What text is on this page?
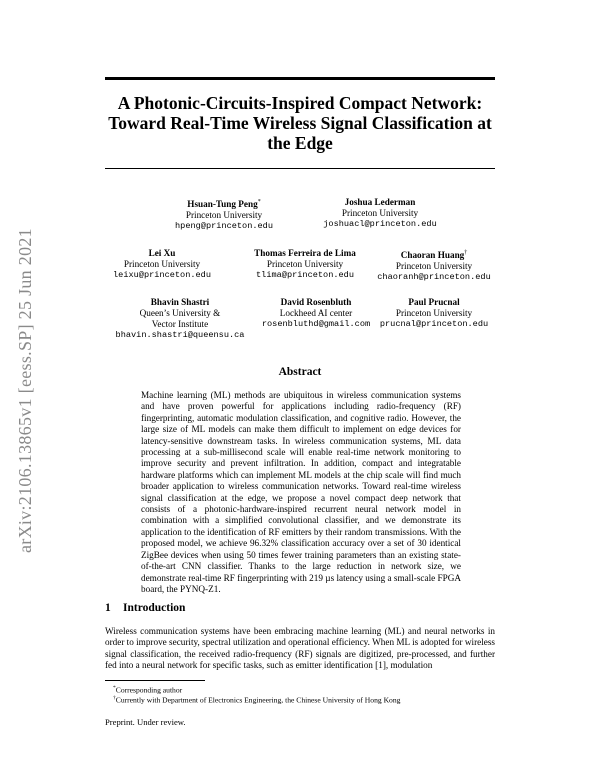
arXiv:2106.13865v1 [eess.SP] 25 Jun 2021
A Photonic-Circuits-Inspired Compact Network: Toward Real-Time Wireless Signal Classification at the Edge
Hsuan-Tung Peng*
Princeton University
hpeng@princeton.edu
Joshua Lederman
Princeton University
joshuacl@princeton.edu
Lei Xu
Princeton University
leixu@princeton.edu
Thomas Ferreira de Lima
Princeton University
tlima@princeton.edu
Chaoran Huang†
Princeton University
chaoranh@princeton.edu
Bhavin Shastri
Queen’s University &
Vector Institute
bhavin.shastri@queensu.ca
David Rosenbluth
Lockheed AI center
rosenbluthd@gmail.com
Paul Prucnal
Princeton University
prucnal@princeton.edu
Abstract
Machine learning (ML) methods are ubiquitous in wireless communication systems and have proven powerful for applications including radio-frequency (RF) fingerprinting, automatic modulation classification, and cognitive radio. However, the large size of ML models can make them difficult to implement on edge devices for latency-sensitive downstream tasks. In wireless communication systems, ML data processing at a sub-millisecond scale will enable real-time network monitoring to improve security and prevent infiltration. In addition, compact and integratable hardware platforms which can implement ML models at the chip scale will find much broader application to wireless communication networks. Toward real-time wireless signal classification at the edge, we propose a novel compact deep network that consists of a photonic-hardware-inspired recurrent neural network model in combination with a simplified convolutional classifier, and we demonstrate its application to the identification of RF emitters by their random transmissions. With the proposed model, we achieve 96.32% classification accuracy over a set of 30 identical ZigBee devices when using 50 times fewer training parameters than an existing state-of-the-art CNN classifier. Thanks to the large reduction in network size, we demonstrate real-time RF fingerprinting with 219 µs latency using a small-scale FPGA board, the PYNQ-Z1.
1 Introduction
Wireless communication systems have been embracing machine learning (ML) and neural networks in order to improve security, spectral utilization and operational efficiency. When ML is adopted for wireless signal classification, the received radio-frequency (RF) signals are digitized, pre-processed, and further fed into a neural network for specific tasks, such as emitter identification [1], modulation
*Corresponding author
†Currently with Department of Electronics Engineering, the Chinese University of Hong Kong
Preprint. Under review.
